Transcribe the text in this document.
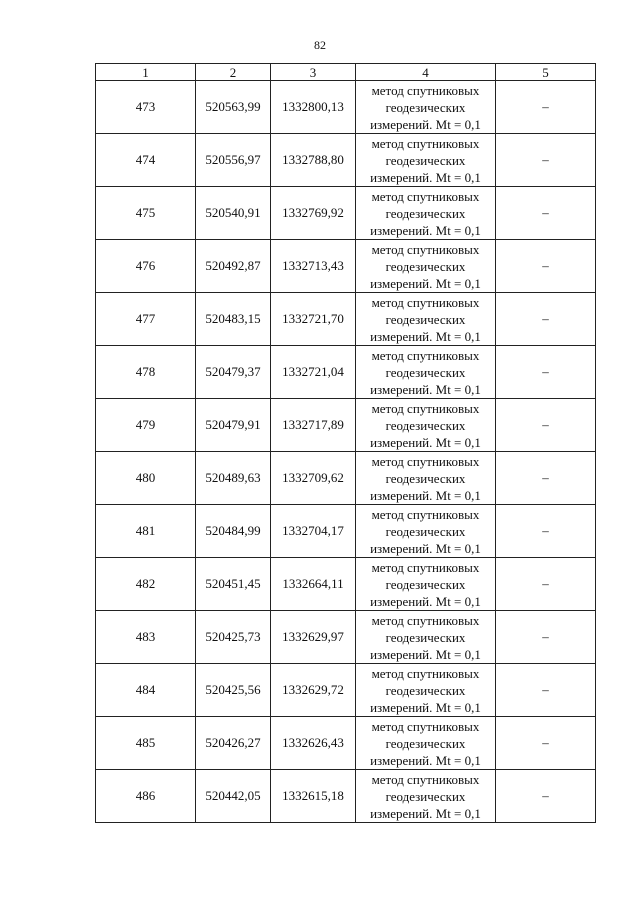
82
1	2	3	4	5
473	520563,99	1332800,13	метод спутниковых
геодезических
измерений. Mt = 0,1	–
474	520556,97	1332788,80	метод спутниковых
геодезических
измерений. Mt = 0,1	–
475	520540,91	1332769,92	метод спутниковых
геодезических
измерений. Mt = 0,1	–
476	520492,87	1332713,43	метод спутниковых
геодезических
измерений. Mt = 0,1	–
477	520483,15	1332721,70	метод спутниковых
геодезических
измерений. Mt = 0,1	–
478	520479,37	1332721,04	метод спутниковых
геодезических
измерений. Mt = 0,1	–
479	520479,91	1332717,89	метод спутниковых
геодезических
измерений. Mt = 0,1	–
480	520489,63	1332709,62	метод спутниковых
геодезических
измерений. Mt = 0,1	–
481	520484,99	1332704,17	метод спутниковых
геодезических
измерений. Mt = 0,1	–
482	520451,45	1332664,11	метод спутниковых
геодезических
измерений. Mt = 0,1	–
483	520425,73	1332629,97	метод спутниковых
геодезических
измерений. Mt = 0,1	–
484	520425,56	1332629,72	метод спутниковых
геодезических
измерений. Mt = 0,1	–
485	520426,27	1332626,43	метод спутниковых
геодезических
измерений. Mt = 0,1	–
486	520442,05	1332615,18	метод спутниковых
геодезических
измерений. Mt = 0,1	–
